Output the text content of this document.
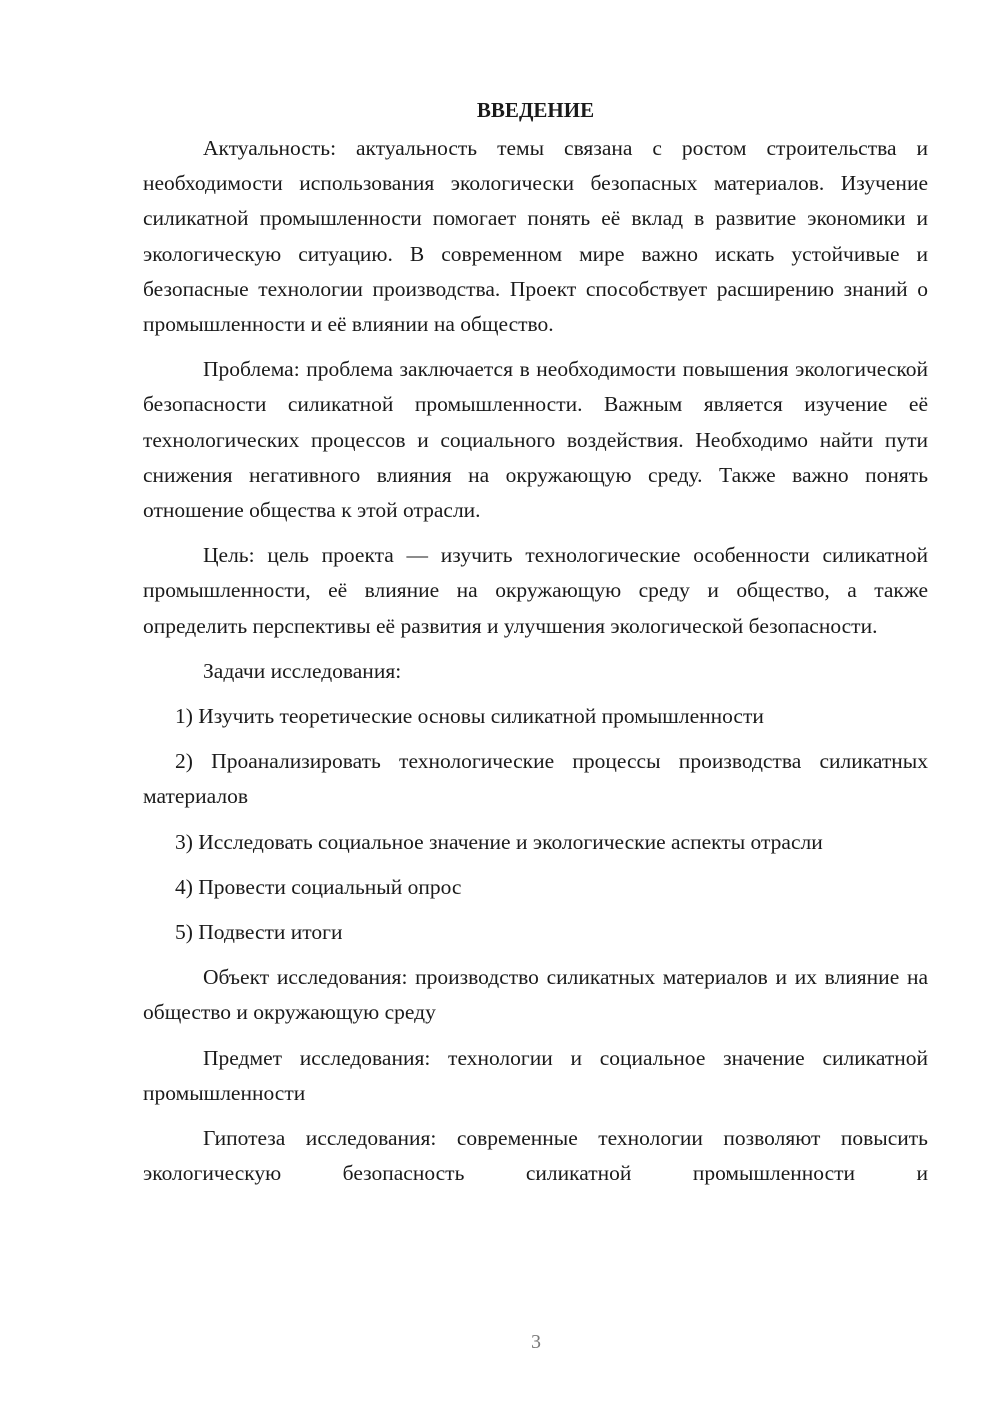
ВВЕДЕНИЕ

Актуальность: актуальность темы связана с ростом строительства и необходимости использования экологически безопасных материалов. Изучение силикатной промышленности помогает понять её вклад в развитие экономики и экологическую ситуацию. В современном мире важно искать устойчивые и безопасные технологии производства. Проект способствует расширению знаний о промышленности и её влиянии на общество.

Проблема: проблема заключается в необходимости повышения экологической безопасности силикатной промышленности. Важным является изучение её технологических процессов и социального воздействия. Необходимо найти пути снижения негативного влияния на окружающую среду. Также важно понять отношение общества к этой отрасли.

Цель: цель проекта — изучить технологические особенности силикатной промышленности, её влияние на окружающую среду и общество, а также определить перспективы её развития и улучшения экологической безопасности.

Задачи исследования:

1) Изучить теоретические основы силикатной промышленности

2) Проанализировать технологические процессы производства силикатных материалов

3) Исследовать социальное значение и экологические аспекты отрасли

4) Провести социальный опрос

5) Подвести итоги

Объект исследования: производство силикатных материалов и их влияние на общество и окружающую среду

Предмет исследования: технологии и социальное значение силикатной промышленности

Гипотеза исследования: современные технологии позволяют повысить экологическую безопасность силикатной промышленности и

3
